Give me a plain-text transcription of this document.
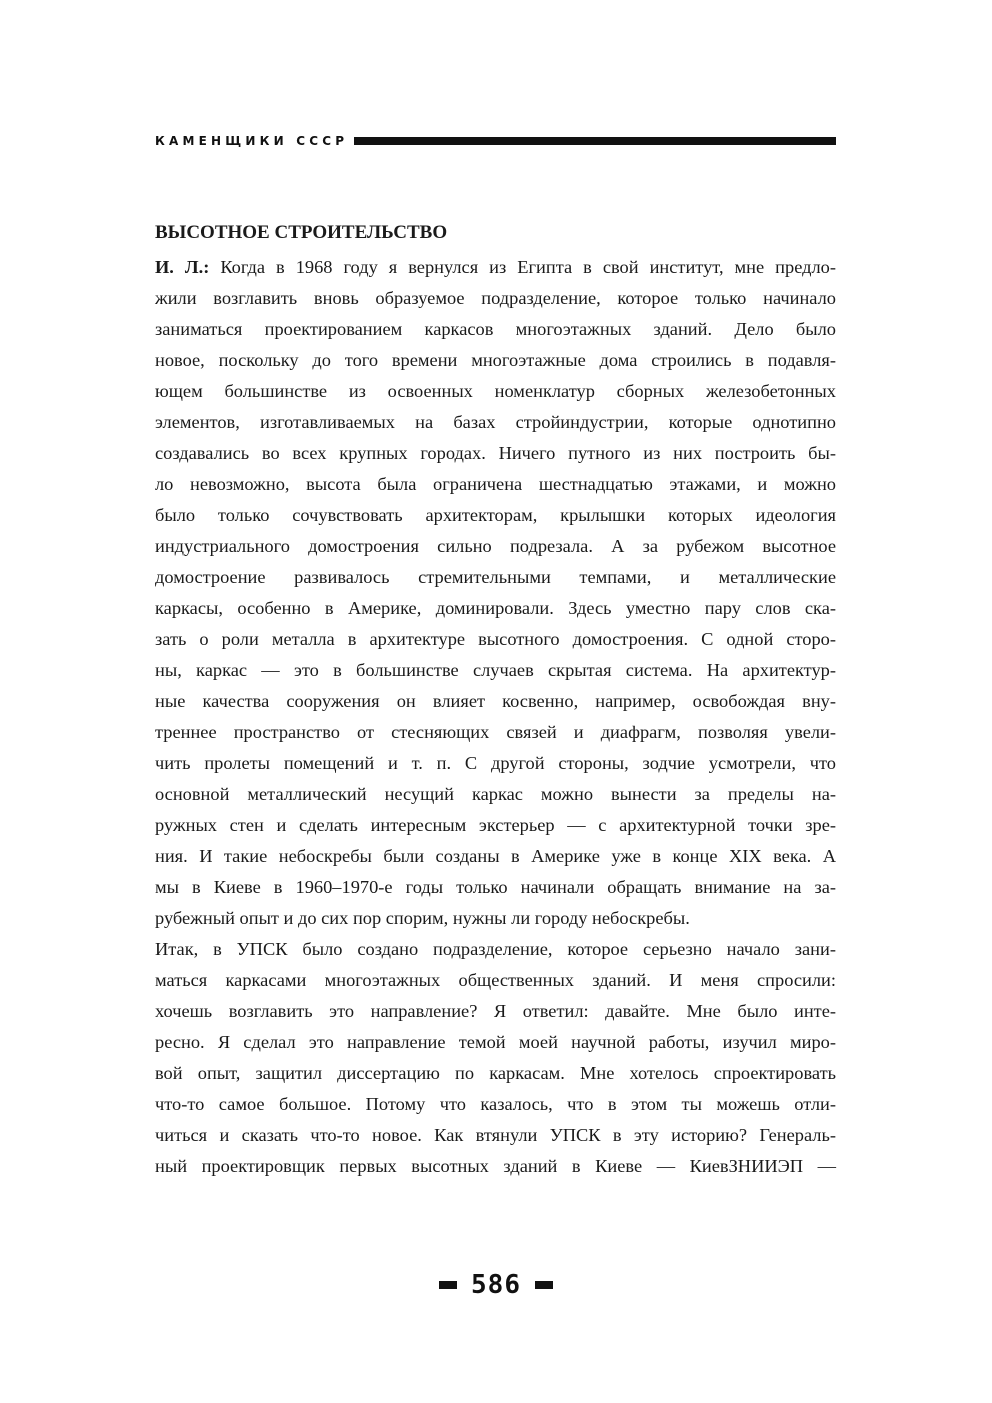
КАМЕНЩИКИ СССР
ВЫСОТНОЕ СТРОИТЕЛЬСТВО
И. Л.: Когда в 1968 году я вернулся из Египта в свой институт, мне предло-
жили возглавить вновь образуемое подразделение, которое только начинало
заниматься проектированием каркасов многоэтажных зданий. Дело было
новое, поскольку до того времени многоэтажные дома строились в подавля-
ющем большинстве из освоенных номенклатур сборных железобетонных
элементов, изготавливаемых на базах стройиндустрии, которые однотипно
создавались во всех крупных городах. Ничего путного из них построить бы-
ло невозможно, высота была ограничена шестнадцатью этажами, и можно
было только сочувствовать архитекторам, крылышки которых идеология
индустриального домостроения сильно подрезала. А за рубежом высотное
домостроение развивалось стремительными темпами, и металлические
каркасы, особенно в Америке, доминировали. Здесь уместно пару слов ска-
зать о роли металла в архитектуре высотного домостроения. С одной сторо-
ны, каркас — это в большинстве случаев скрытая система. На архитектур-
ные качества сооружения он влияет косвенно, например, освобождая вну-
треннее пространство от стесняющих связей и диафрагм, позволяя увели-
чить пролеты помещений и т. п. С другой стороны, зодчие усмотрели, что
основной металлический несущий каркас можно вынести за пределы на-
ружных стен и сделать интересным экстерьер — с архитектурной точки зре-
ния. И такие небоскребы были созданы в Америке уже в конце XIX века. А
мы в Киеве в 1960–1970-е годы только начинали обращать внимание на за-
рубежный опыт и до сих пор спорим, нужны ли городу небоскребы.
Итак, в УПСК было создано подразделение, которое серьезно начало зани-
маться каркасами многоэтажных общественных зданий. И меня спросили:
хочешь возглавить это направление? Я ответил: давайте. Мне было инте-
ресно. Я сделал это направление темой моей научной работы, изучил миро-
вой опыт, защитил диссертацию по каркасам. Мне хотелось спроектировать
что-то самое большое. Потому что казалось, что в этом ты можешь отли-
читься и сказать что-то новое. Как втянули УПСК в эту историю? Генераль-
ный проектировщик первых высотных зданий в Киеве — КиевЗНИИЭП —
586
